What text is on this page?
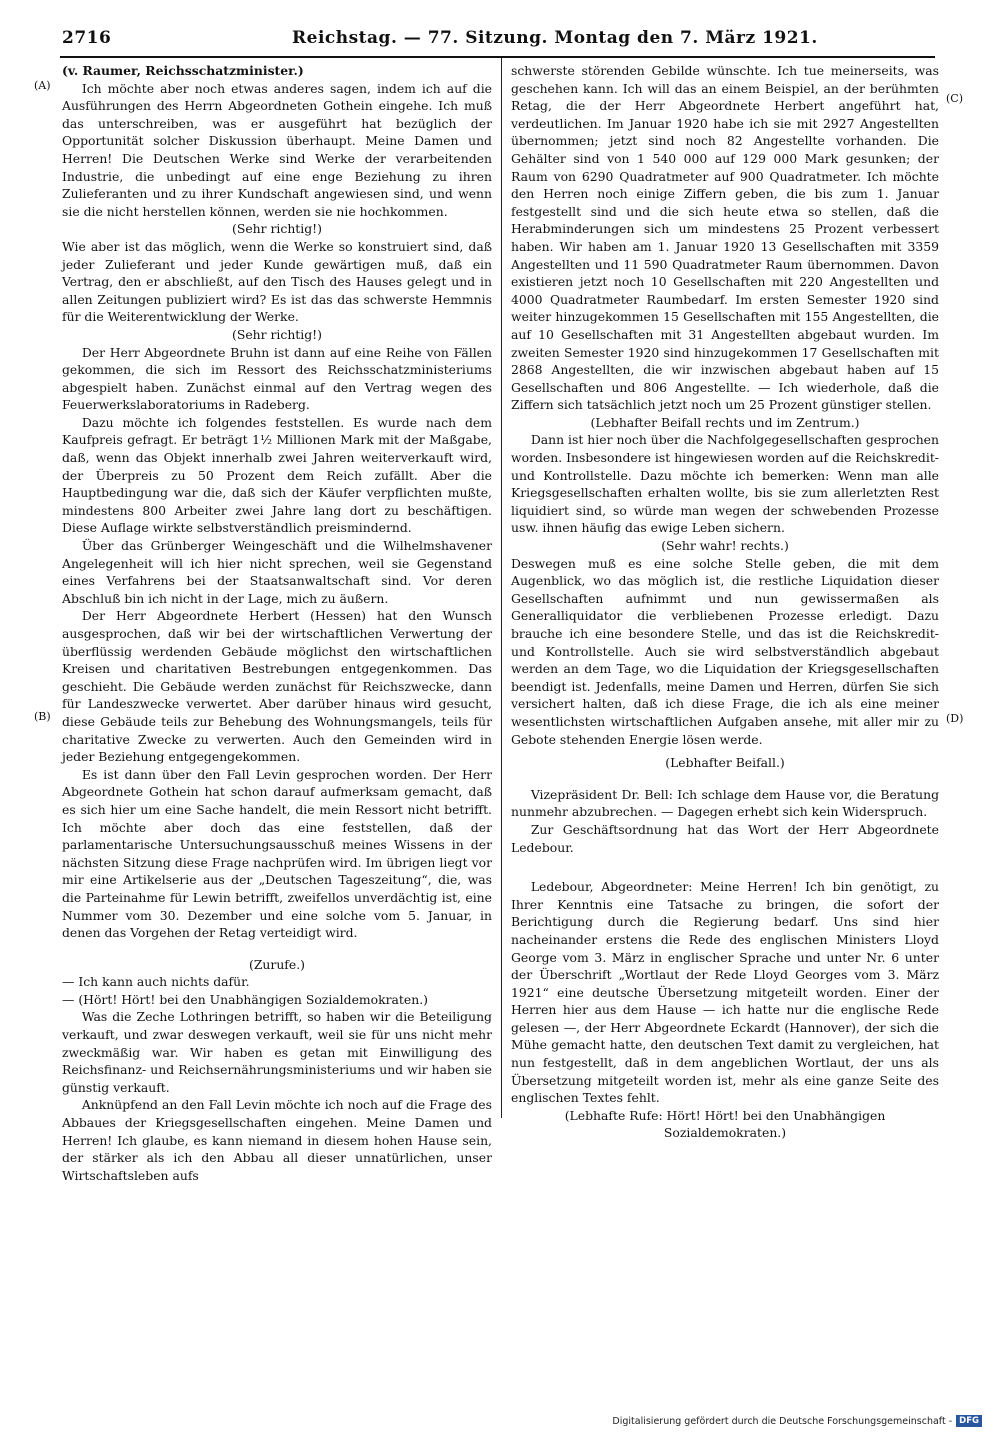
2716	Reichstag. — 77. Sitzung. Montag den 7. März 1921.
(A)
(B)
(C)
(D)

(v. Raumer, Reichsschatzminister.)

Ich möchte aber noch etwas anderes sagen, indem ich auf die Ausführungen des Herrn Abgeordneten Gothein eingehe. Ich muß das unterschreiben, was er ausgeführt hat bezüglich der Opportunität solcher Diskussion überhaupt. Meine Damen und Herren! Die Deutschen Werke sind Werke der verarbeitenden Industrie, die unbedingt auf eine enge Beziehung zu ihren Zulieferanten und zu ihrer Kundschaft angewiesen sind, und wenn sie die nicht herstellen können, werden sie nie hochkommen.

(Sehr richtig!)

Wie aber ist das möglich, wenn die Werke so konstruiert sind, daß jeder Zulieferant und jeder Kunde gewärtigen muß, daß ein Vertrag, den er abschließt, auf den Tisch des Hauses gelegt und in allen Zeitungen publiziert wird? Es ist das das schwerste Hemmnis für die Weiterentwicklung der Werke.

(Sehr richtig!)

Der Herr Abgeordnete Bruhn ist dann auf eine Reihe von Fällen gekommen, die sich im Ressort des Reichsschatzministeriums abgespielt haben. Zunächst einmal auf den Vertrag wegen des Feuerwerkslaboratoriums in Radeberg.

Dazu möchte ich folgendes feststellen. Es wurde nach dem Kaufpreis gefragt. Er beträgt 1½ Millionen Mark mit der Maßgabe, daß, wenn das Objekt innerhalb zwei Jahren weiterverkauft wird, der Überpreis zu 50 Prozent dem Reich zufällt. Aber die Hauptbedingung war die, daß sich der Käufer verpflichten mußte, mindestens 800 Arbeiter zwei Jahre lang dort zu beschäftigen. Diese Auflage wirkte selbstverständlich preismindernd.

Über das Grünberger Weingeschäft und die Wilhelmshavener Angelegenheit will ich hier nicht sprechen, weil sie Gegenstand eines Verfahrens bei der Staatsanwaltschaft sind. Vor deren Abschluß bin ich nicht in der Lage, mich zu äußern.

Der Herr Abgeordnete Herbert (Hessen) hat den Wunsch ausgesprochen, daß wir bei der wirtschaftlichen Verwertung der überflüssig werdenden Gebäude möglichst den wirtschaftlichen Kreisen und charitativen Bestrebungen entgegenkommen. Das geschieht. Die Gebäude werden zunächst für Reichszwecke, dann für Landeszwecke verwertet. Aber darüber hinaus wird gesucht, diese Gebäude teils zur Behebung des Wohnungsmangels, teils für charitative Zwecke zu verwerten. Auch den Gemeinden wird in jeder Beziehung entgegengekommen.

Es ist dann über den Fall Levin gesprochen worden. Der Herr Abgeordnete Gothein hat schon darauf aufmerksam gemacht, daß es sich hier um eine Sache handelt, die mein Ressort nicht betrifft. Ich möchte aber doch das eine feststellen, daß der parlamentarische Untersuchungsausschuß meines Wissens in der nächsten Sitzung diese Frage nachprüfen wird. Im übrigen liegt vor mir eine Artikelserie aus der „Deutschen Tageszeitung“, die, was die Parteinahme für Lewin betrifft, zweifellos unverdächtig ist, eine Nummer vom 30. Dezember und eine solche vom 5. Januar, in denen das Vorgehen der Retag verteidigt wird.

(Zurufe.)

— Ich kann auch nichts dafür.

— (Hört! Hört! bei den Unabhängigen Sozialdemokraten.)

Was die Zeche Lothringen betrifft, so haben wir die Beteiligung verkauft, und zwar deswegen verkauft, weil sie für uns nicht mehr zweckmäßig war. Wir haben es getan mit Einwilligung des Reichsfinanz- und Reichsernährungsministeriums und wir haben sie günstig verkauft.

Anknüpfend an den Fall Levin möchte ich noch auf die Frage des Abbaues der Kriegsgesellschaften eingehen. Meine Damen und Herren! Ich glaube, es kann niemand in diesem hohen Hause sein, der stärker als ich den Abbau all dieser unnatürlichen, unser Wirtschaftsleben aufs

schwerste störenden Gebilde wünschte. Ich tue meinerseits, was geschehen kann. Ich will das an einem Beispiel, an der berühmten Retag, die der Herr Abgeordnete Herbert angeführt hat, verdeutlichen. Im Januar 1920 habe ich sie mit 2927 Angestellten übernommen; jetzt sind noch 82 Angestellte vorhanden. Die Gehälter sind von 1 540 000 auf 129 000 Mark gesunken; der Raum von 6290 Quadratmeter auf 900 Quadratmeter. Ich möchte den Herren noch einige Ziffern geben, die bis zum 1. Januar festgestellt sind und die sich heute etwa so stellen, daß die Herabminderungen sich um mindestens 25 Prozent verbessert haben. Wir haben am 1. Januar 1920 13 Gesellschaften mit 3359 Angestellten und 11 590 Quadratmeter Raum übernommen. Davon existieren jetzt noch 10 Gesellschaften mit 220 Angestellten und 4000 Quadratmeter Raumbedarf. Im ersten Semester 1920 sind weiter hinzugekommen 15 Gesellschaften mit 155 Angestellten, die auf 10 Gesellschaften mit 31 Angestellten abgebaut wurden. Im zweiten Semester 1920 sind hinzugekommen 17 Gesellschaften mit 2868 Angestellten, die wir inzwischen abgebaut haben auf 15 Gesellschaften und 806 Angestellte. — Ich wiederhole, daß die Ziffern sich tatsächlich jetzt noch um 25 Prozent günstiger stellen.

(Lebhafter Beifall rechts und im Zentrum.)

Dann ist hier noch über die Nachfolgegesellschaften gesprochen worden. Insbesondere ist hingewiesen worden auf die Reichskredit- und Kontrollstelle. Dazu möchte ich bemerken: Wenn man alle Kriegsgesellschaften erhalten wollte, bis sie zum allerletzten Rest liquidiert sind, so würde man wegen der schwebenden Prozesse usw. ihnen häufig das ewige Leben sichern.

(Sehr wahr! rechts.)

Deswegen muß es eine solche Stelle geben, die mit dem Augenblick, wo das möglich ist, die restliche Liquidation dieser Gesellschaften aufnimmt und nun gewissermaßen als Generalliquidator die verbliebenen Prozesse erledigt. Dazu brauche ich eine besondere Stelle, und das ist die Reichskredit- und Kontrollstelle. Auch sie wird selbstverständlich abgebaut werden an dem Tage, wo die Liquidation der Kriegsgesellschaften beendigt ist. Jedenfalls, meine Damen und Herren, dürfen Sie sich versichert halten, daß ich diese Frage, die ich als eine meiner wesentlichsten wirtschaftlichen Aufgaben ansehe, mit aller mir zu Gebote stehenden Energie lösen werde.

(Lebhafter Beifall.)

Vizepräsident Dr. Bell: Ich schlage dem Hause vor, die Beratung nunmehr abzubrechen. — Dagegen erhebt sich kein Widerspruch.

Zur Geschäftsordnung hat das Wort der Herr Abgeordnete Ledebour.

Ledebour, Abgeordneter: Meine Herren! Ich bin genötigt, zu Ihrer Kenntnis eine Tatsache zu bringen, die sofort der Berichtigung durch die Regierung bedarf. Uns sind hier nacheinander erstens die Rede des englischen Ministers Lloyd George vom 3. März in englischer Sprache und unter Nr. 6 unter der Überschrift „Wortlaut der Rede Lloyd Georges vom 3. März 1921“ eine deutsche Übersetzung mitgeteilt worden. Einer der Herren hier aus dem Hause — ich hatte nur die englische Rede gelesen —, der Herr Abgeordnete Eckardt (Hannover), der sich die Mühe gemacht hatte, den deutschen Text damit zu vergleichen, hat nun festgestellt, daß in dem angeblichen Wortlaut, der uns als Übersetzung mitgeteilt worden ist, mehr als eine ganze Seite des englischen Textes fehlt.

(Lebhafte Rufe: Hört! Hört! bei den Unabhängigen Sozialdemokraten.)

Digitalisierung gefördert durch die Deutsche Forschungsgemeinschaft - DFG
